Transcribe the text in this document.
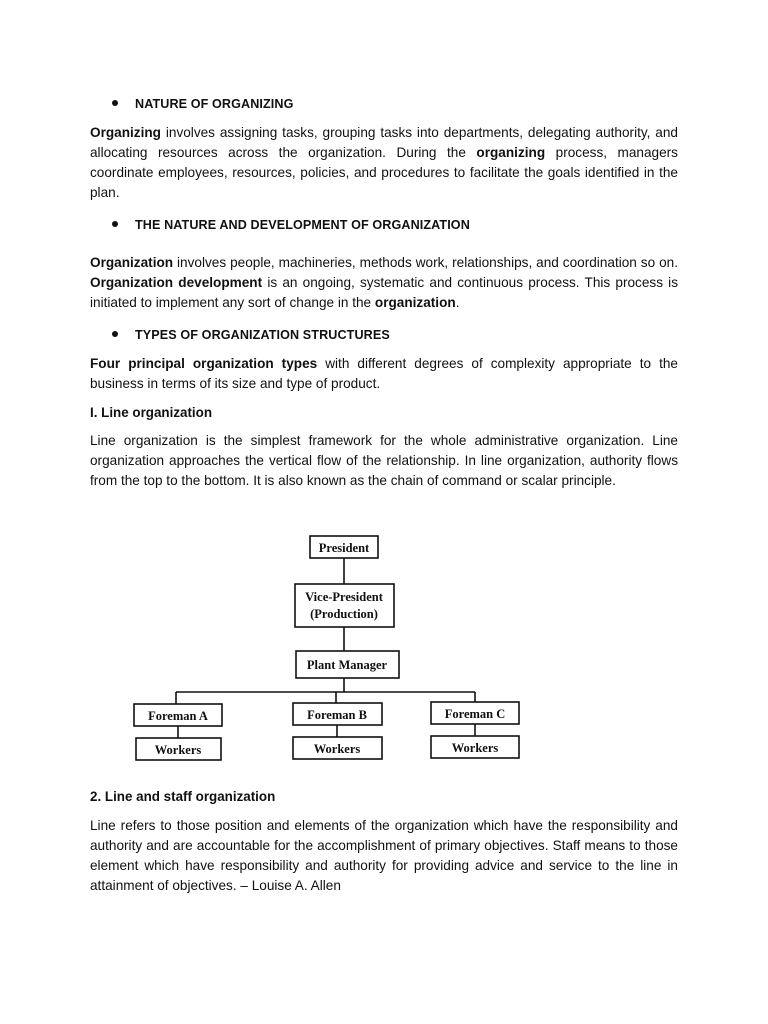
NATURE OF ORGANIZING
Organizing involves assigning tasks, grouping tasks into departments, delegating authority, and allocating resources across the organization. During the organizing process, managers coordinate employees, resources, policies, and procedures to facilitate the goals identified in the plan.
THE NATURE AND DEVELOPMENT OF ORGANIZATION
Organization involves people, machineries, methods work, relationships, and coordination so on. Organization development is an ongoing, systematic and continuous process. This process is initiated to implement any sort of change in the organization.
TYPES OF ORGANIZATION STRUCTURES
Four principal organization types with different degrees of complexity appropriate to the business in terms of its size and type of product.
I. Line organization
Line organization is the simplest framework for the whole administrative organization. Line organization approaches the vertical flow of the relationship. In line organization, authority flows from the top to the bottom. It is also known as the chain of command or scalar principle.
President
Vice-President
(Production)
Plant Manager
Foreman A	Foreman B	Foreman C
Workers	Workers	Workers
2. Line and staff organization
Line refers to those position and elements of the organization which have the responsibility and authority and are accountable for the accomplishment of primary objectives. Staff means to those element which have responsibility and authority for providing advice and service to the line in attainment of objectives. – Louise A. Allen
